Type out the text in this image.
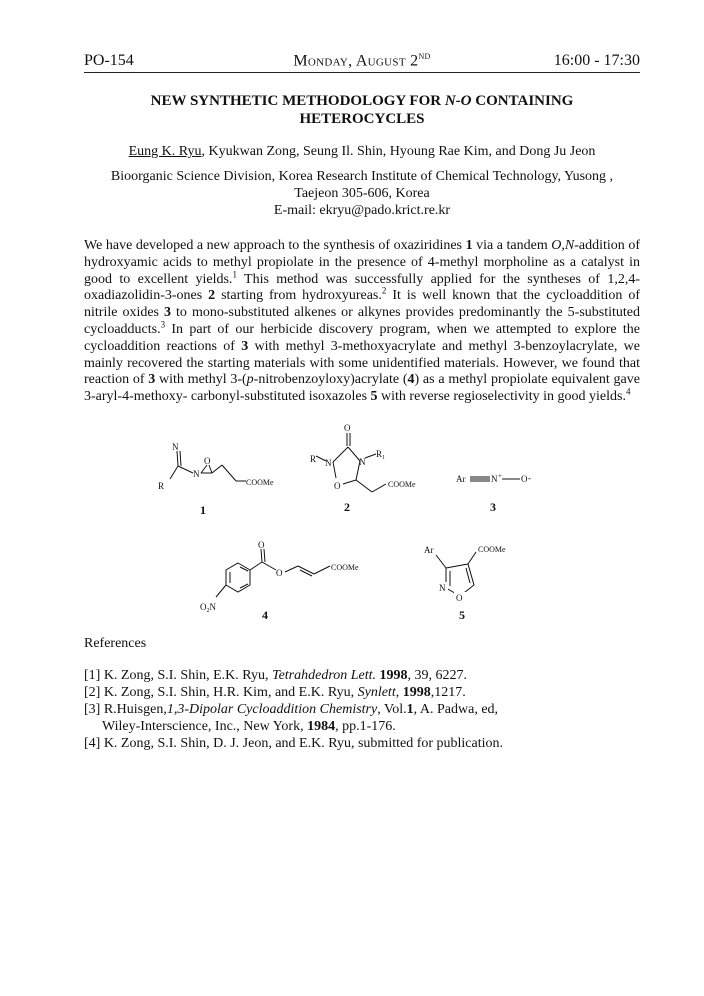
PO-154	Monday, August 2ND	16:00 - 17:30
NEW SYNTHETIC METHODOLOGY FOR N-O CONTAINING
HETEROCYCLES
Eung K. Ryu, Kyukwan Zong, Seung Il. Shin, Hyoung Rae Kim, and Dong Ju Jeon
Bioorganic Science Division, Korea Research Institute of Chemical Technology, Yusong ,
Taejeon 305-606, Korea
E-mail: ekryu@pado.krict.re.kr
We have developed a new approach to the synthesis of oxaziridines 1 via a tandem O,N-addition of hydroxyamic acids to methyl propiolate in the presence of 4-methyl morpholine as a catalyst in good to excellent yields.$^1$ This method was successfully applied for the syntheses of 1,2,4-oxadiazolidin-3-ones 2 starting from hydroxyureas.$^2$ It is well known that the cycloaddition of nitrile oxides 3 to mono-substituted alkenes or alkynes provides predominantly the 5-substituted cycloadducts.$^3$ In part of our herbicide discovery program, when we attempted to explore the cycloaddition reactions of 3 with methyl 3-methoxyacrylate and methyl 3-benzoylacrylate, we mainly recovered the starting materials with some unidentified materials. However, we found that reaction of 3 with methyl 3-(p-nitrobenzoyloxy)acrylate (4) as a methyl propiolate equivalent gave 3-aryl-4-methoxy- carbonyl-substituted isoxazoles 5 with reverse regioselectivity in good yields.$^4$
N
R
N
O
COOMe
1
O
R N	N
$R_1$
O	COOMe
2
Ar	N + O -
3
O
O
COOMe
$O_2N$
4
Ar	COOMe
N
O
5
References
[1] K. Zong, S.I. Shin, E.K. Ryu, Tetrahdedron Lett. 1998, 39, 6227.
[2] K. Zong, S.I. Shin, H.R. Kim, and E.K. Ryu, Synlett, 1998,1217.
[3] R.Huisgen,1,3-Dipolar Cycloaddition Chemistry, Vol.1, A. Padwa, ed,
Wiley-Interscience, Inc., New York, 1984, pp.1-176.
[4] K. Zong, S.I. Shin, D. J. Jeon, and E.K. Ryu, submitted for publication.
